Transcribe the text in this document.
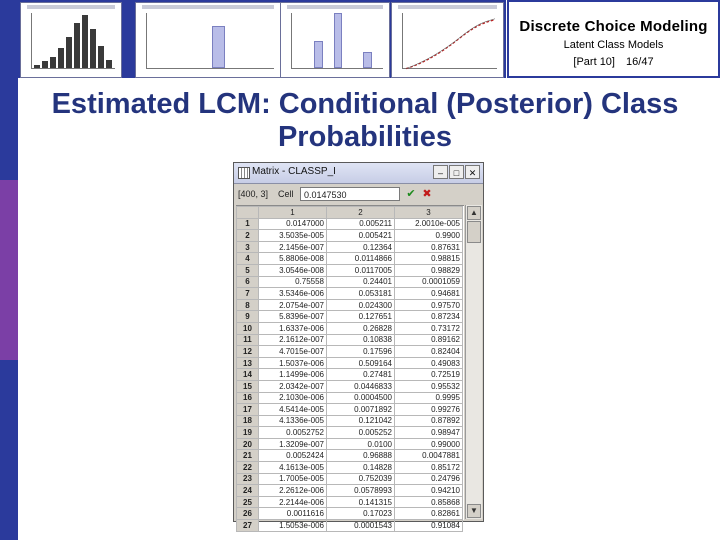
Discrete Choice Modeling
Latent Class Models
[Part 10] 16/47
Estimated LCM: Conditional (Posterior) Class Probabilities
Matrix - CLASSP_I	–	□	✕
[400, 3]	Cell	0.0147530	✔ ✖
	1	2	3
1	0.0147000	0.005211	2.0010e-005
2	3.5035e-005	0.005421	0.9900
3	2.1456e-007	0.12364	0.87631
4	5.8806e-008	0.0114866	0.98815
5	3.0546e-008	0.0117005	0.98829
6	0.75558	0.24401	0.0001059
7	3.5346e-006	0.053181	0.94681
8	2.0754e-007	0.024300	0.97570
9	5.8396e-007	0.127651	0.87234
10	1.6337e-006	0.26828	0.73172
11	2.1612e-007	0.10838	0.89162
12	4.7015e-007	0.17596	0.82404
13	1.5037e-006	0.509164	0.49083
14	1.1499e-006	0.27481	0.72519
15	2.0342e-007	0.0446833	0.95532
16	2.1030e-006	0.0004500	0.9995
17	4.5414e-005	0.0071892	0.99276
18	4.1336e-005	0.121042	0.87892
19	0.0052752	0.005252	0.98947
20	1.3209e-007	0.0100	0.99000
21	0.0052424	0.96888	0.0047881
22	4.1613e-005	0.14828	0.85172
23	1.7005e-005	0.752039	0.24796
24	2.2612e-006	0.0578993	0.94210
25	2.2144e-006	0.141315	0.85868
26	0.0011616	0.17023	0.82861
27	1.5053e-006	0.0001543	0.91084
▲
▼
